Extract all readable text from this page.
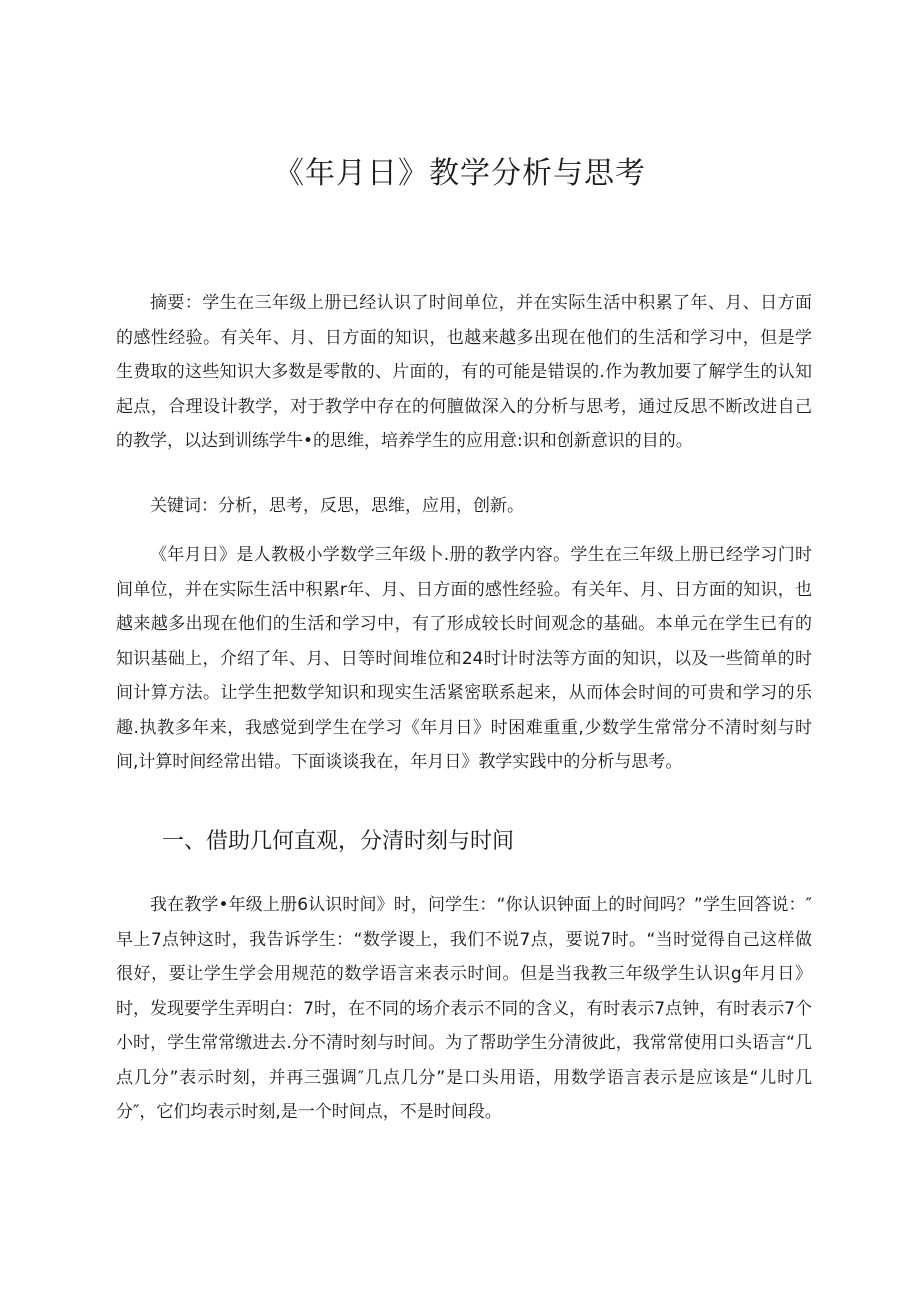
《年月日》教学分析与思考

摘要：学生在三年级上册已经认识了时间单位，并在实际生活中积累了年、月、日方面的感性经验。有关年、月、日方面的知识，也越来越多出现在他们的生活和学习中，但是学生费取的这些知识大多数是零散的、片面的，有的可能是错误的.作为教加要了解学生的认知起点，合理设计教学，对于教学中存在的何膻做深入的分析与思考，通过反思不断改进自己的教学，以达到训练学牛•的思维，培养学生的应用意:识和创新意识的目的。

关键词：分析，思考，反思，思维，应用，创新。

《年月日》是人教极小学数学三年级卜.册的教学内容。学生在三年级上册已经学习门时间单位，并在实际生活中积累r年、月、日方面的感性经验。有关年、月、日方面的知识，也越来越多出现在他们的生活和学习中，有了形成较长时间观念的基础。本单元在学生已有的知识基础上，介绍了年、月、日等时间堆位和24时计时法等方面的知识，以及一些简单的时间计算方法。让学生把数学知识和现实生活紧密联系起来，从而体会时间的可贵和学习的乐趣.执教多年来，我感觉到学生在学习《年月日》时困难重重,少数学生常常分不清时刻与时间,计算时间经常出错。下面谈谈我在，年月日》教学实践中的分析与思考。

一、借助几何直观，分清时刻与时间

我在教学•年级上册6认识时间》时，问学生：“你认识钟面上的时间吗？”学生回答说：″早上7点钟这时，我告诉学生：“数学谡上，我们不说7点，要说7时。“当时觉得自己这样做很好，要让学生学会用规范的数学语言来表示时间。但是当我教三年级学生认识g年月日》时，发现要学生弄明白：7时，在不同的场介表示不同的含义，有时表示7点钟，有时表示7个小时，学生常常缴进去.分不清时刻与时间。为了帮助学生分清彼此，我常常使用口头语言“几点几分”表示时刻，并再三强调″几点几分”是口头用语，用数学语言表示是应该是“儿时几分″，它们均表示时刻,是一个时间点，不是时间段。
